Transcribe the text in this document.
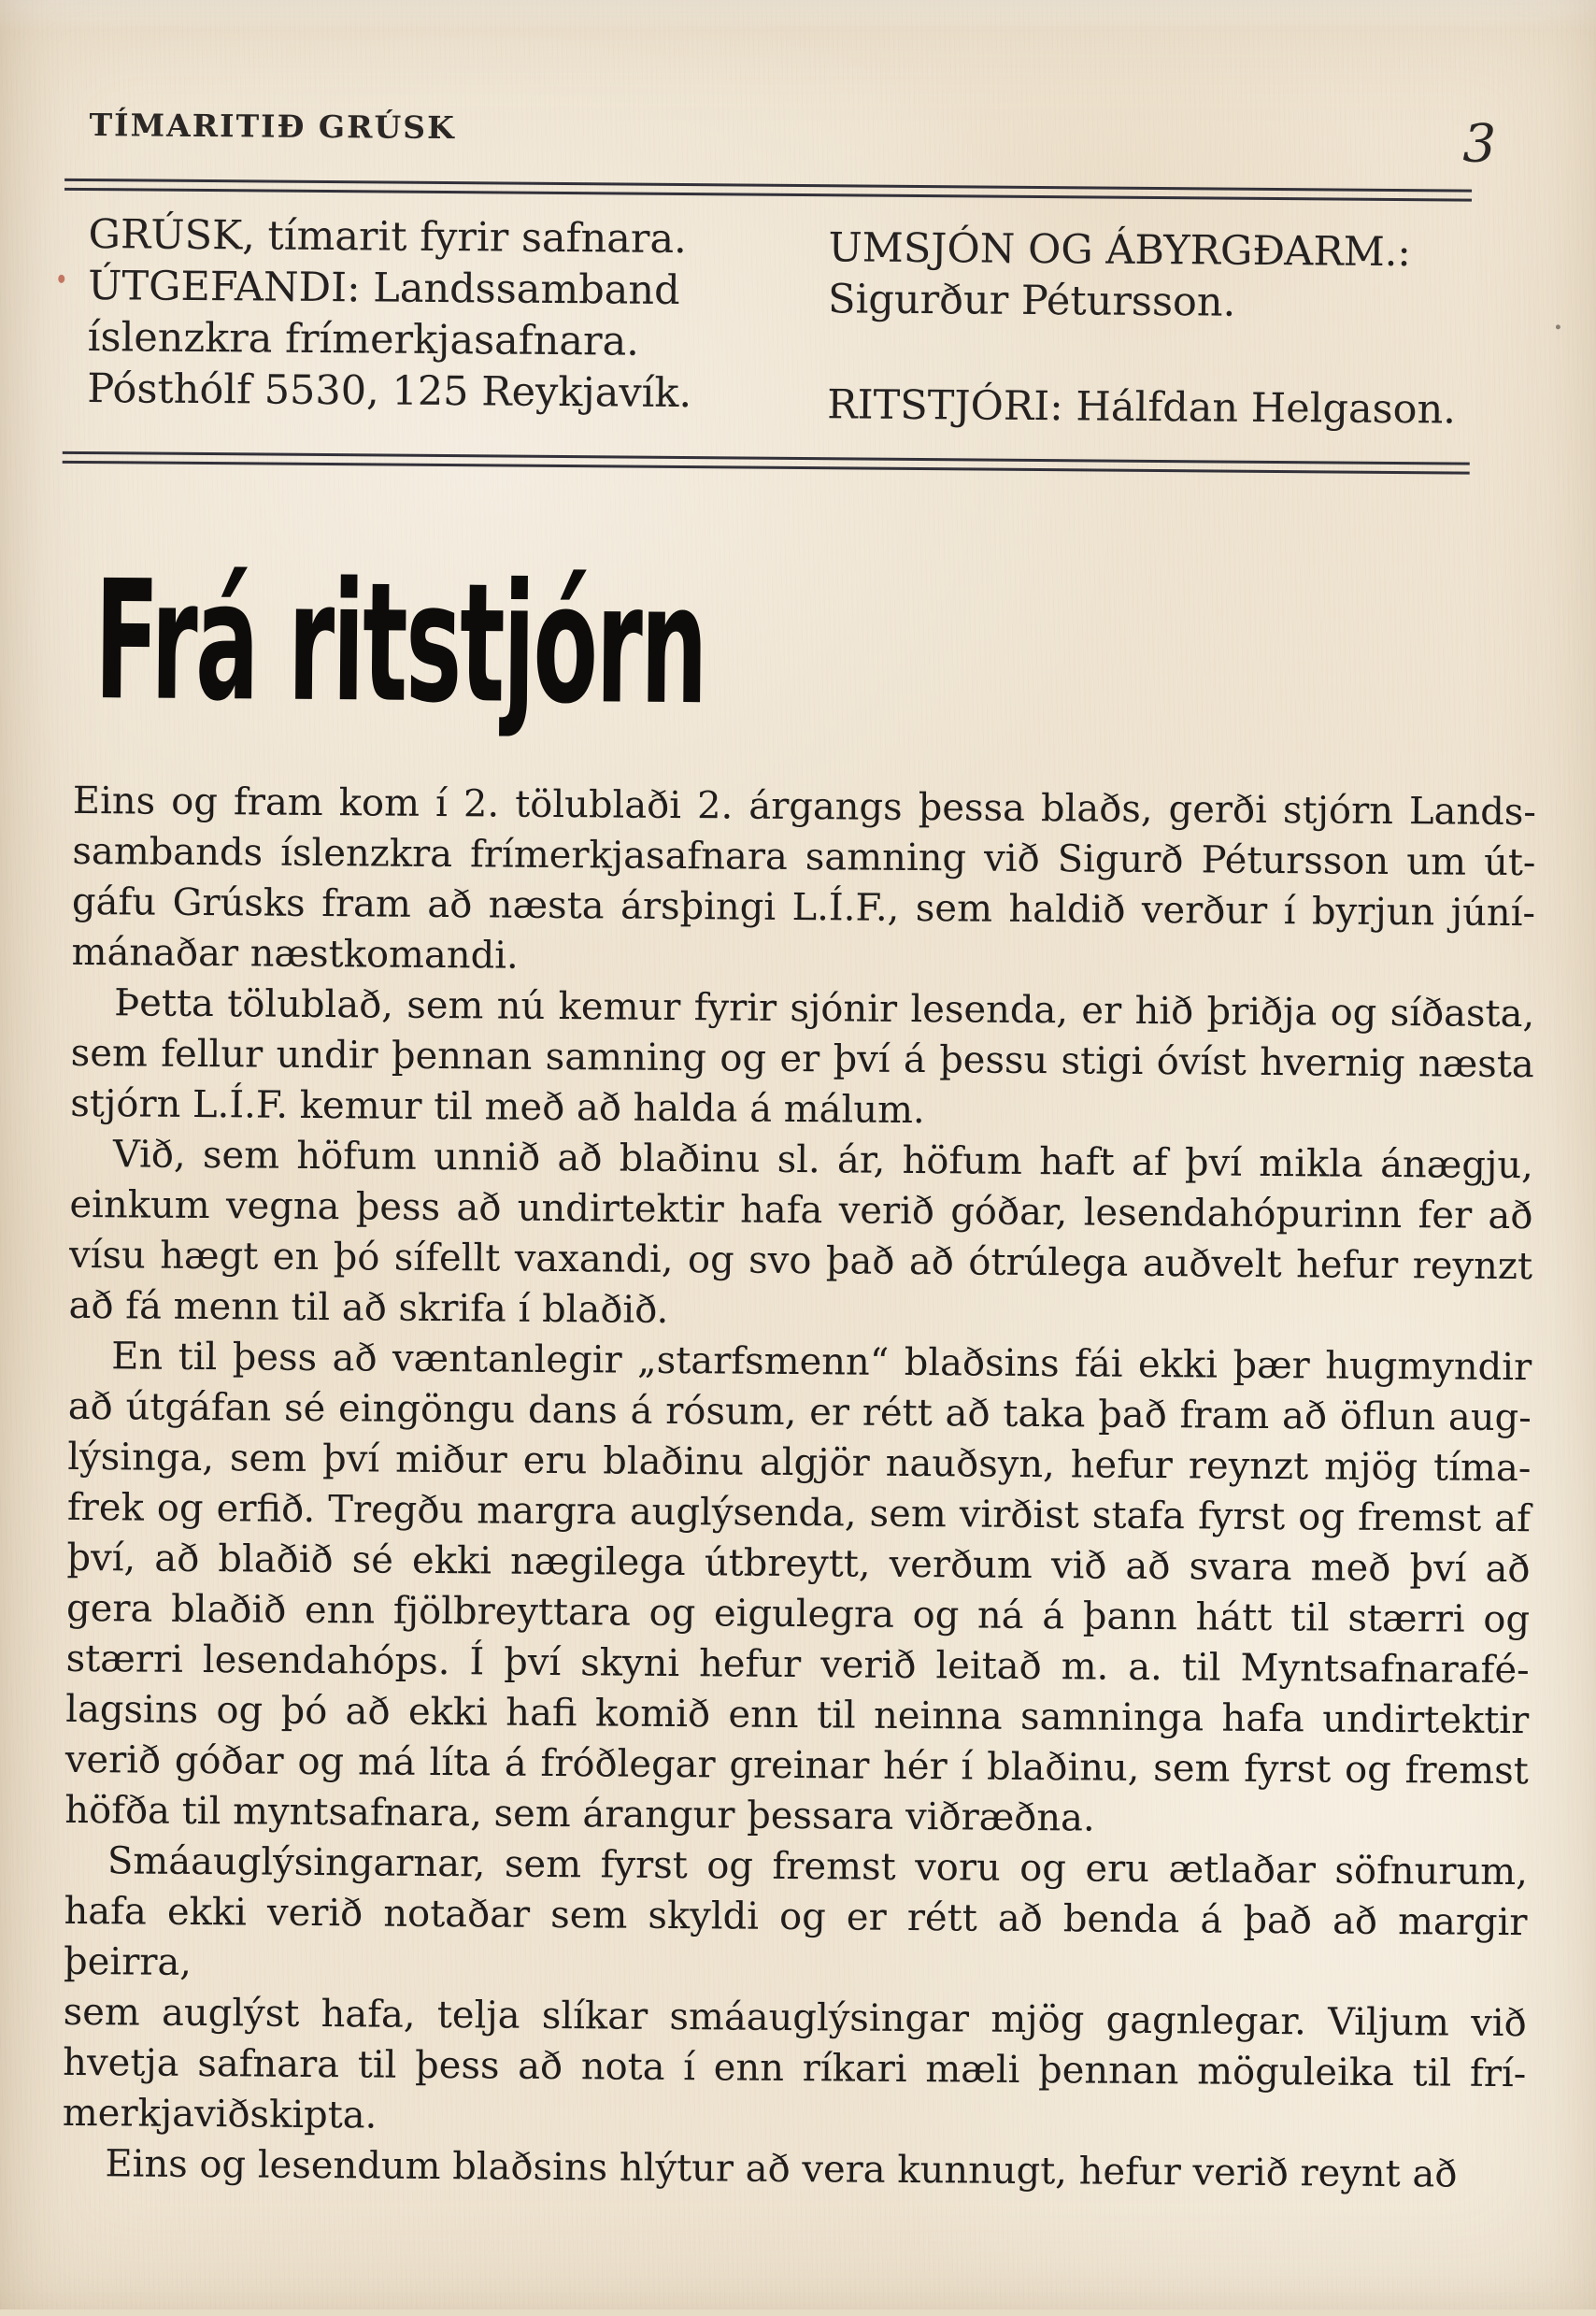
TÍMARITIÐ GRÚSK	3
GRÚSK, tímarit fyrir safnara.
ÚTGEFANDI: Landssamband
íslenzkra frímerkjasafnara.
Pósthólf 5530, 125 Reykjavík.
UMSJÓN OG ÁBYRGÐARM.:
Sigurður Pétursson.
RITSTJÓRI: Hálfdan Helgason.
Frá ritstjórn
Eins og fram kom í 2. tölublaði 2. árgangs þessa blaðs, gerði stjórn Lands-
sambands íslenzkra frímerkjasafnara samning við Sigurð Pétursson um út-
gáfu Grúsks fram að næsta ársþingi L.Í.F., sem haldið verður í byrjun júní-
mánaðar næstkomandi.
Þetta tölublað, sem nú kemur fyrir sjónir lesenda, er hið þriðja og síðasta,
sem fellur undir þennan samning og er því á þessu stigi óvíst hvernig næsta
stjórn L.Í.F. kemur til með að halda á málum.
Við, sem höfum unnið að blaðinu sl. ár, höfum haft af því mikla ánægju,
einkum vegna þess að undirtektir hafa verið góðar, lesendahópurinn fer að
vísu hægt en þó sífellt vaxandi, og svo það að ótrúlega auðvelt hefur reynzt
að fá menn til að skrifa í blaðið.
En til þess að væntanlegir „starfsmenn“ blaðsins fái ekki þær hugmyndir
að útgáfan sé eingöngu dans á rósum, er rétt að taka það fram að öflun aug-
lýsinga, sem því miður eru blaðinu algjör nauðsyn, hefur reynzt mjög tíma-
frek og erfið. Tregðu margra auglýsenda, sem virðist stafa fyrst og fremst af
því, að blaðið sé ekki nægilega útbreytt, verðum við að svara með því að
gera blaðið enn fjölbreyttara og eigulegra og ná á þann hátt til stærri og
stærri lesendahóps. Í því skyni hefur verið leitað m. a. til Myntsafnarafé-
lagsins og þó að ekki hafi komið enn til neinna samninga hafa undirtektir
verið góðar og má líta á fróðlegar greinar hér í blaðinu, sem fyrst og fremst
höfða til myntsafnara, sem árangur þessara viðræðna.
Smáauglýsingarnar, sem fyrst og fremst voru og eru ætlaðar söfnurum,
hafa ekki verið notaðar sem skyldi og er rétt að benda á það að margir þeirra,
sem auglýst hafa, telja slíkar smáauglýsingar mjög gagnlegar. Viljum við
hvetja safnara til þess að nota í enn ríkari mæli þennan möguleika til frí-
merkjaviðskipta.
Eins og lesendum blaðsins hlýtur að vera kunnugt, hefur verið reynt að
